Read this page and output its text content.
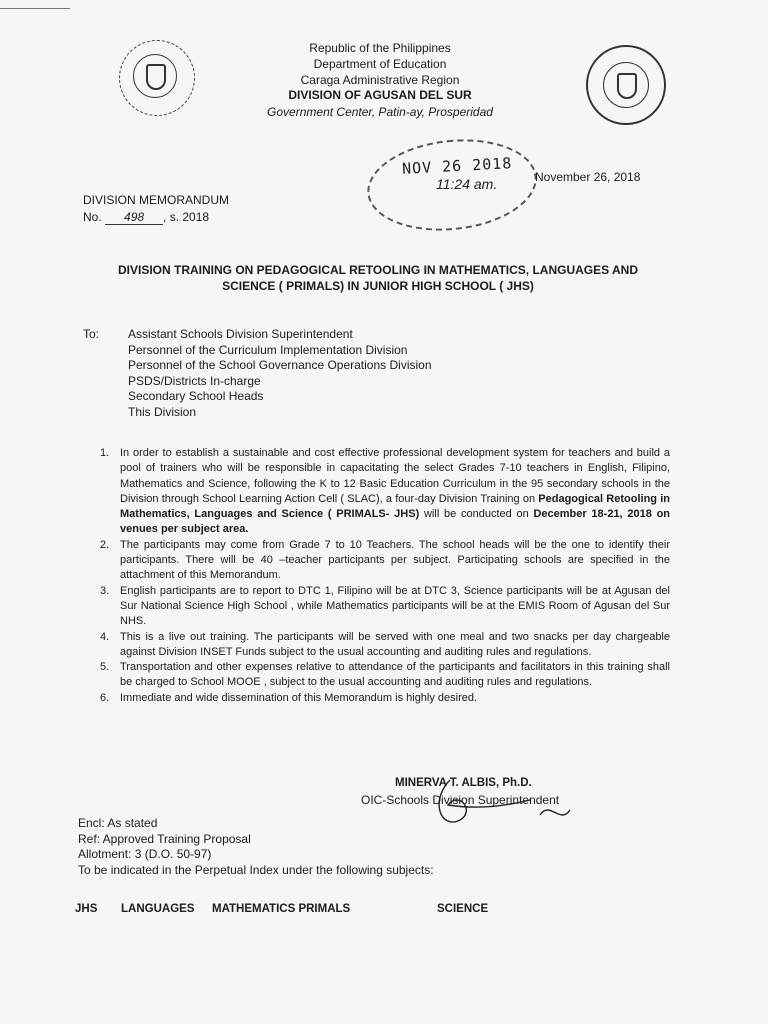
Republic of the Philippines
Department of Education
Caraga Administrative Region
DIVISION OF AGUSAN DEL SUR
Government Center, Patin-ay, Prosperidad
NOV 26 2018
11:24 am.	November 26, 2018
DIVISION MEMORANDUM
No. 498 , s. 2018
DIVISION TRAINING ON PEDAGOGICAL RETOOLING IN MATHEMATICS, LANGUAGES AND SCIENCE ( PRIMALS) IN JUNIOR HIGH SCHOOL ( JHS)
To: Assistant Schools Division Superintendent
Personnel of the Curriculum Implementation Division
Personnel of the School Governance Operations Division
PSDS/Districts In-charge
Secondary School Heads
This Division
1. In order to establish a sustainable and cost effective professional development system for teachers and build a pool of trainers who will be responsible in capacitating the select Grades 7-10 teachers in English, Filipino, Mathematics and Science, following the K to 12 Basic Education Curriculum in the 95 secondary schools in the Division through School Learning Action Cell ( SLAC), a four-day Division Training on Pedagogical Retooling in Mathematics, Languages and Science ( PRIMALS- JHS) will be conducted on December 18-21, 2018 on venues per subject area.
2. The participants may come from Grade 7 to 10 Teachers. The school heads will be the one to identify their participants. There will be 40 –teacher participants per subject. Participating schools are specified in the attachment of this Memorandum.
3. English participants are to report to DTC 1, Filipino will be at DTC 3, Science participants will be at Agusan del Sur National Science High School , while Mathematics participants will be at the EMIS Room of Agusan del Sur NHS.
4. This is a live out training. The participants will be served with one meal and two snacks per day chargeable against Division INSET Funds subject to the usual accounting and auditing rules and regulations.
5. Transportation and other expenses relative to attendance of the participants and facilitators in this training shall be charged to School MOOE , subject to the usual accounting and auditing rules and regulations.
6. Immediate and wide dissemination of this Memorandum is highly desired.
MINERVA T. ALBIS, Ph.D.
OIC-Schools Division Superintendent
Encl: As stated
Ref: Approved Training Proposal
Allotment: 3 (D.O. 50-97)
To be indicated in the Perpetual Index under the following subjects:
JHS LANGUAGES MATHEMATICS PRIMALS	SCIENCE
